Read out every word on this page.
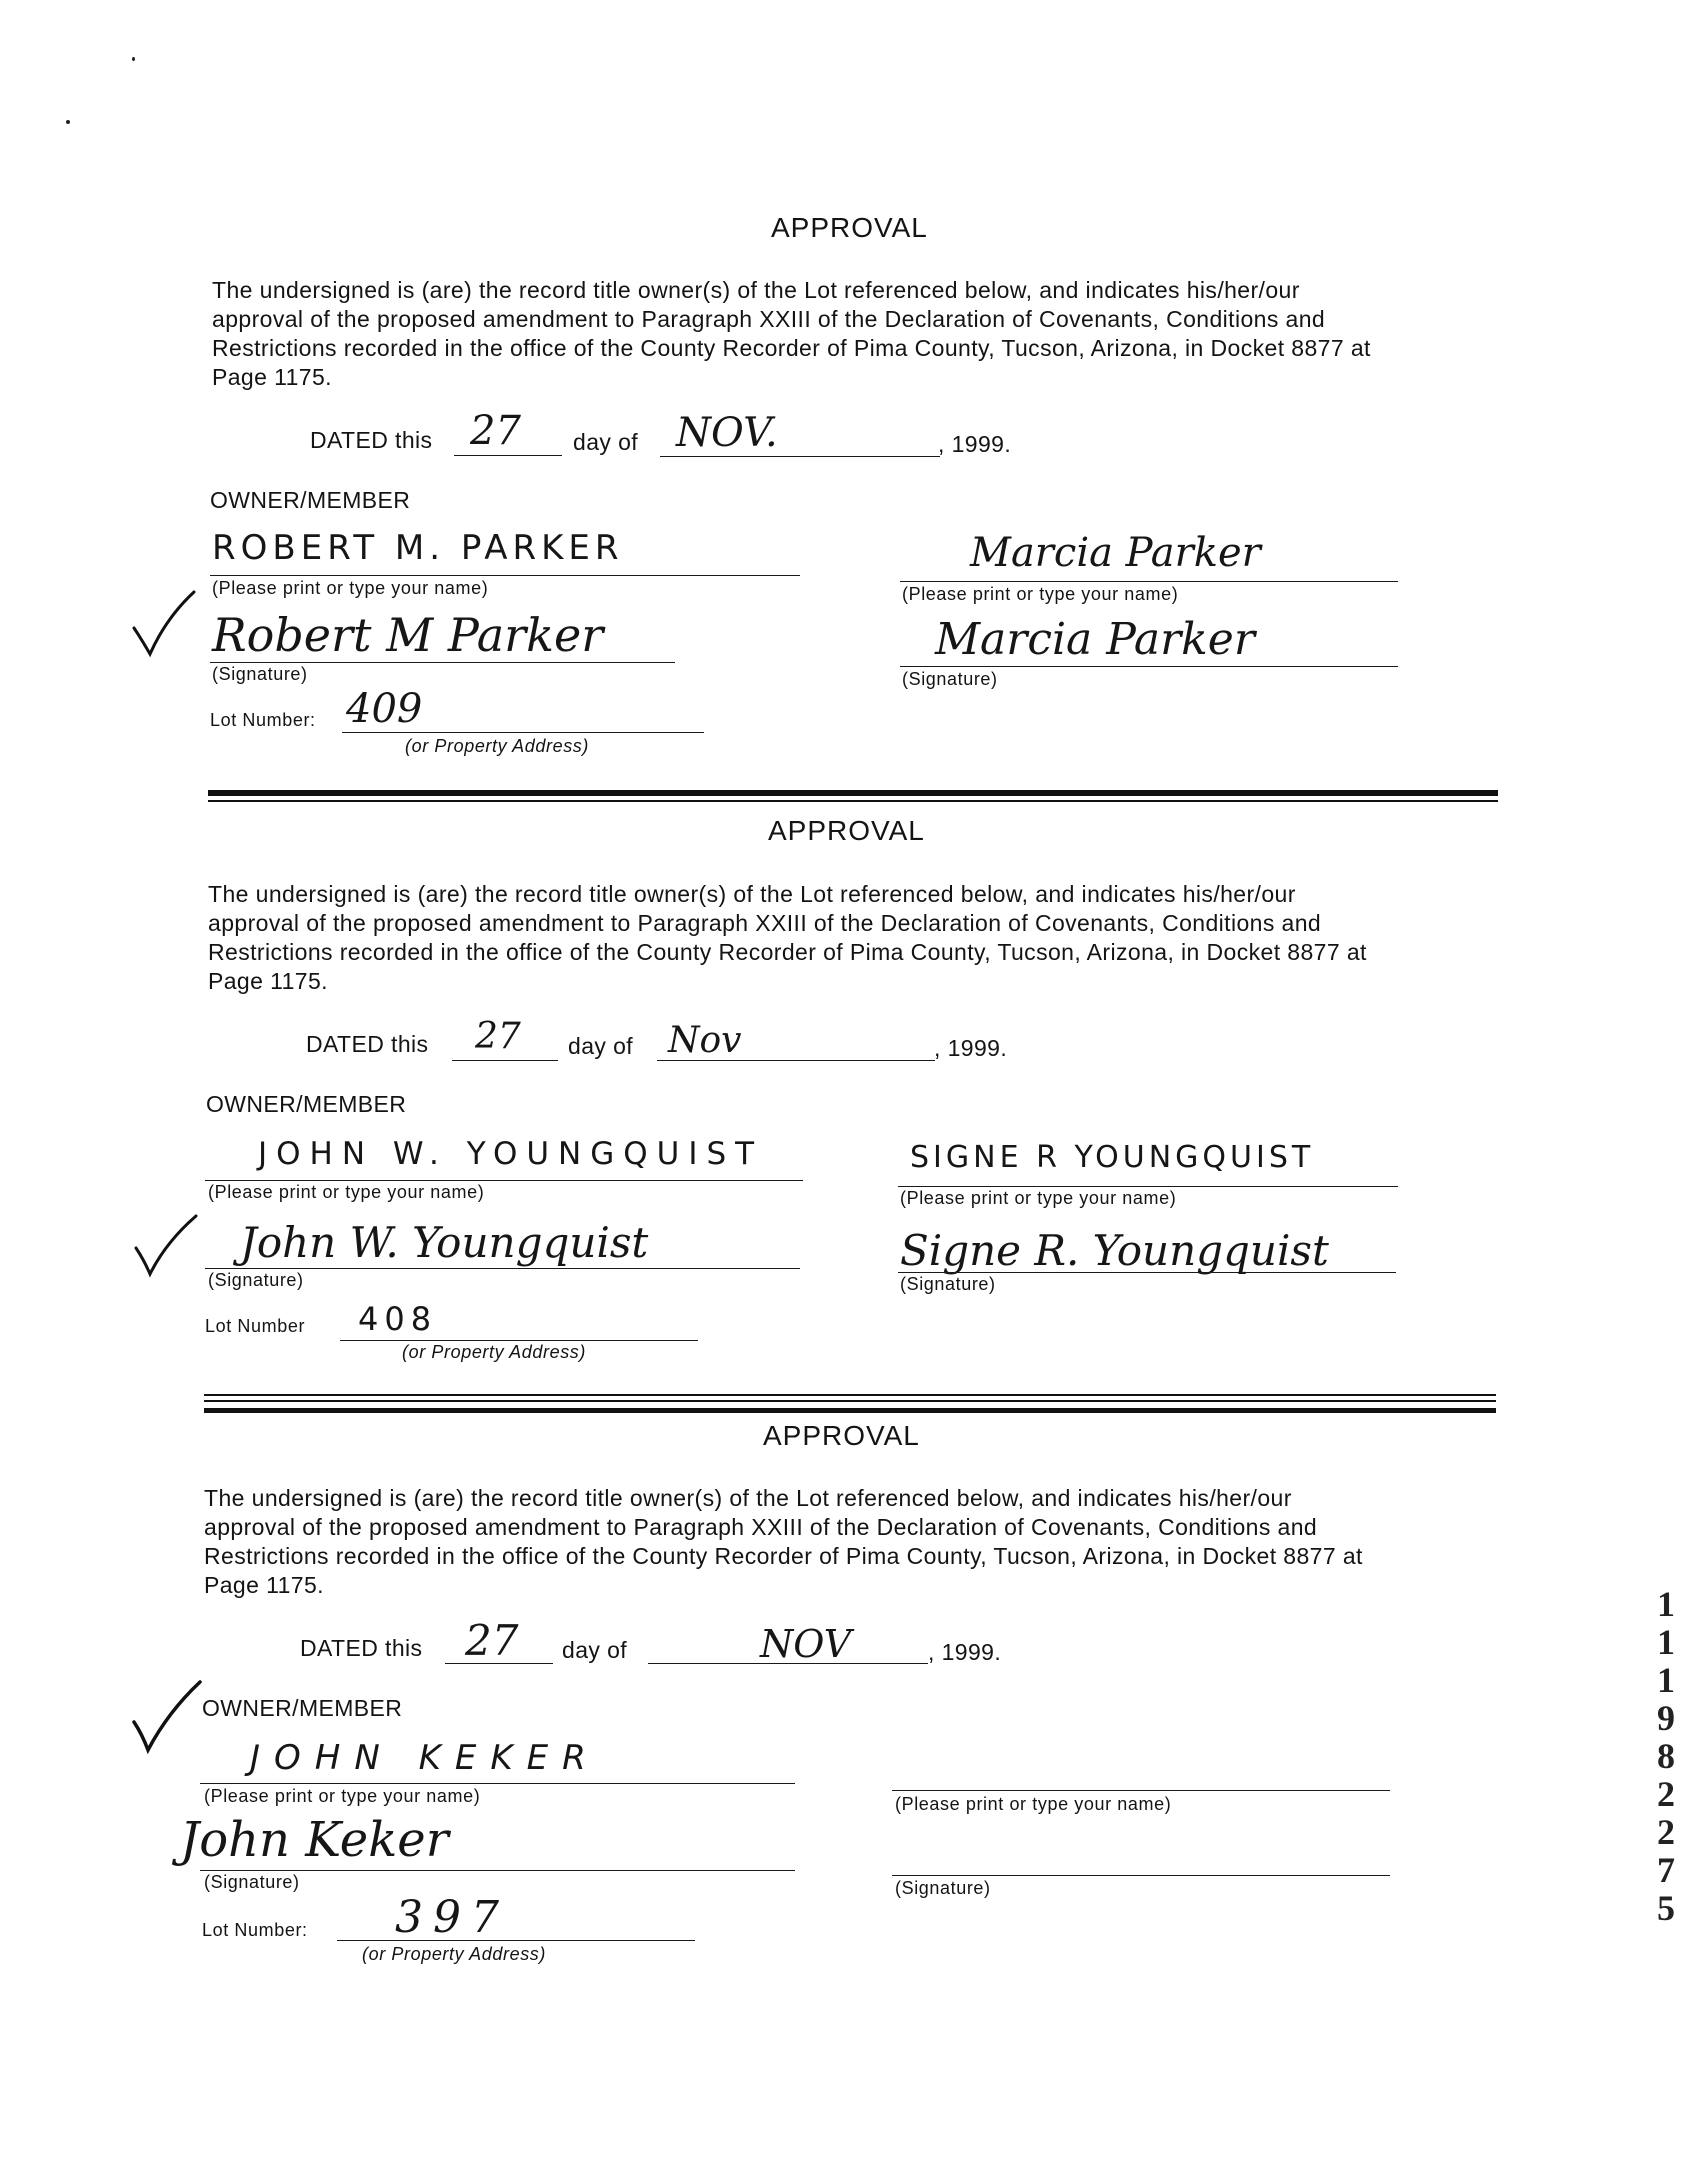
APPROVAL
The undersigned is (are) the record title owner(s) of the Lot referenced below, and indicates his/her/our
approval of the proposed amendment to Paragraph XXIII of the Declaration of Covenants, Conditions and
Restrictions recorded in the office of the County Recorder of Pima County, Tucson, Arizona, in Docket 8877 at
Page 1175.
DATED this 27 day of NOV.	, 1999.
OWNER/MEMBER
ROBERT M. PARKER
(Please print or type your name)
Robert M Parker
(Signature)
Marcia Parker
(Please print or type your name)
Marcia Parker
(Signature)
Lot Number: 409
(or Property Address)
APPROVAL
The undersigned is (are) the record title owner(s) of the Lot referenced below, and indicates his/her/our
approval of the proposed amendment to Paragraph XXIII of the Declaration of Covenants, Conditions and
Restrictions recorded in the office of the County Recorder of Pima County, Tucson, Arizona, in Docket 8877 at
Page 1175.
DATED this 27 day of Nov	, 1999.
OWNER/MEMBER
JOHN W. YOUNGQUIST
(Please print or type your name)
John W. Youngquist
(Signature)
SIGNE R YOUNGQUIST
(Please print or type your name)
Signe R. Youngquist
(Signature)
Lot Number 408
(or Property Address)
APPROVAL
The undersigned is (are) the record title owner(s) of the Lot referenced below, and indicates his/her/our
approval of the proposed amendment to Paragraph XXIII of the Declaration of Covenants, Conditions and
Restrictions recorded in the office of the County Recorder of Pima County, Tucson, Arizona, in Docket 8877 at
Page 1175.
DATED this 27 day of	NOV	, 1999.
OWNER/MEMBER
JOHN KEKER
(Please print or type your name)
John Keker
(Signature)
(Please print or type your name)
(Signature)
Lot Number: 397
(or Property Address)
1
1
1
9
8
2
2
7
5
